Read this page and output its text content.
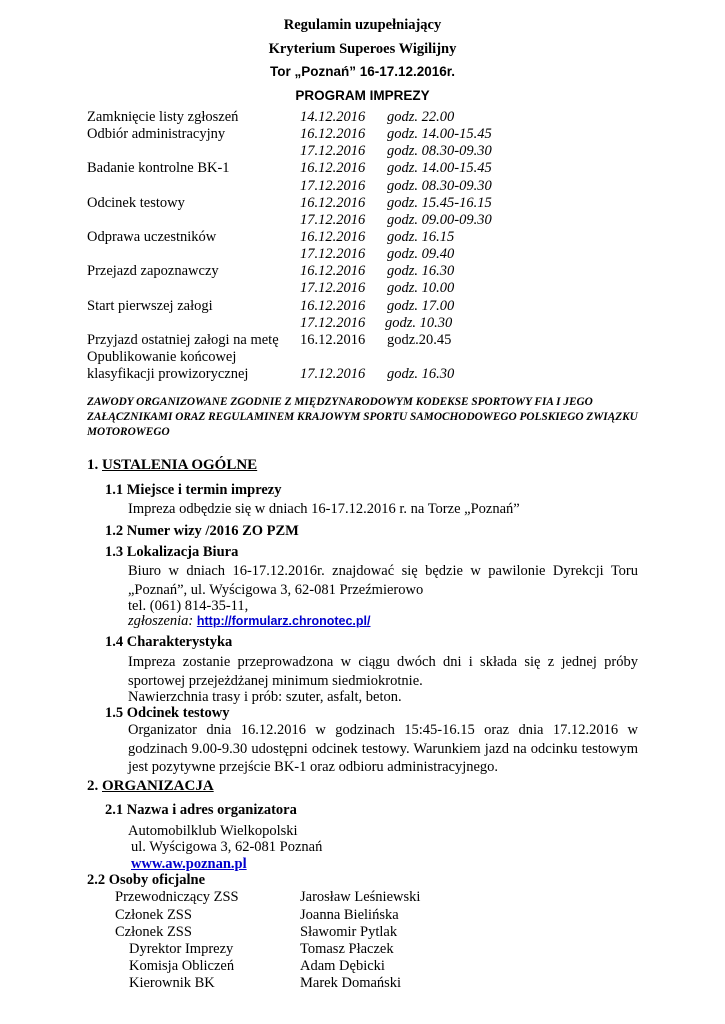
Regulamin uzupełniający
Kryterium Superoes Wigilijny
Tor „Poznań” 16-17.12.2016r.
PROGRAM IMPREZY
Zamknięcie listy zgłoszeń	14.12.2016 godz. 22.00
Odbiór administracyjny	16.12.2016 godz. 14.00-15.45
17.12.2016 godz. 08.30-09.30
Badanie kontrolne BK-1	16.12.2016 godz. 14.00-15.45
17.12.2016 godz. 08.30-09.30
Odcinek testowy	16.12.2016 godz. 15.45-16.15
17.12.2016 godz. 09.00-09.30
Odprawa uczestników	16.12.2016 godz. 16.15
17.12.2016 godz. 09.40
Przejazd zapoznawczy	16.12.2016 godz. 16.30
17.12.2016 godz. 10.00
Start pierwszej załogi	16.12.2016 godz. 17.00
17.12.2016 godz. 10.30
Przyjazd ostatniej załogi na metę 16.12.2016 godz.20.45
Opublikowanie końcowej
klasyfikacji prowizorycznej	17.12.2016 godz. 16.30
ZAWODY ORGANIZOWANE ZGODNIE Z MIĘDZYNARODOWYM KODEKSE SPORTOWY FIA I JEGO ZAŁĄCZNIKAMI ORAZ REGULAMINEM KRAJOWYM SPORTU SAMOCHODOWEGO POLSKIEGO ZWIĄZKU MOTOROWEGO
1. USTALENIA OGÓLNE
1.1 Miejsce i termin imprezy
Impreza odbędzie się w dniach 16-17.12.2016 r. na Torze „Poznań”
1.2 Numer wizy /2016 ZO PZM
1.3 Lokalizacja Biura
Biuro w dniach 16-17.12.2016r. znajdować się będzie w pawilonie Dyrekcji Toru „Poznań”, ul. Wyścigowa 3, 62-081 Przeźmierowo
tel. (061) 814-35-11,
zgłoszenia: http://formularz.chronotec.pl/
1.4 Charakterystyka
Impreza zostanie przeprowadzona w ciągu dwóch dni i składa się z jednej próby sportowej przejeżdżanej minimum siedmiokrotnie.
Nawierzchnia trasy i prób: szuter, asfalt, beton.
1.5 Odcinek testowy
Organizator dnia 16.12.2016 w godzinach 15:45-16.15 oraz dnia 17.12.2016 w godzinach 9.00-9.30 udostępni odcinek testowy. Warunkiem jazd na odcinku testowym jest pozytywne przejście BK-1 oraz odbioru administracyjnego.
2. ORGANIZACJA
2.1 Nazwa i adres organizatora
Automobilklub Wielkopolski
ul. Wyścigowa 3, 62-081 Poznań
www.aw.poznan.pl
2.2 Osoby oficjalne
Przewodniczący ZSS	Jarosław Leśniewski
Członek ZSS	Joanna Bielińska
Członek ZSS	Sławomir Pytlak
Dyrektor Imprezy	Tomasz Płaczek
Komisja Obliczeń	Adam Dębicki
Kierownik BK	Marek Domański
